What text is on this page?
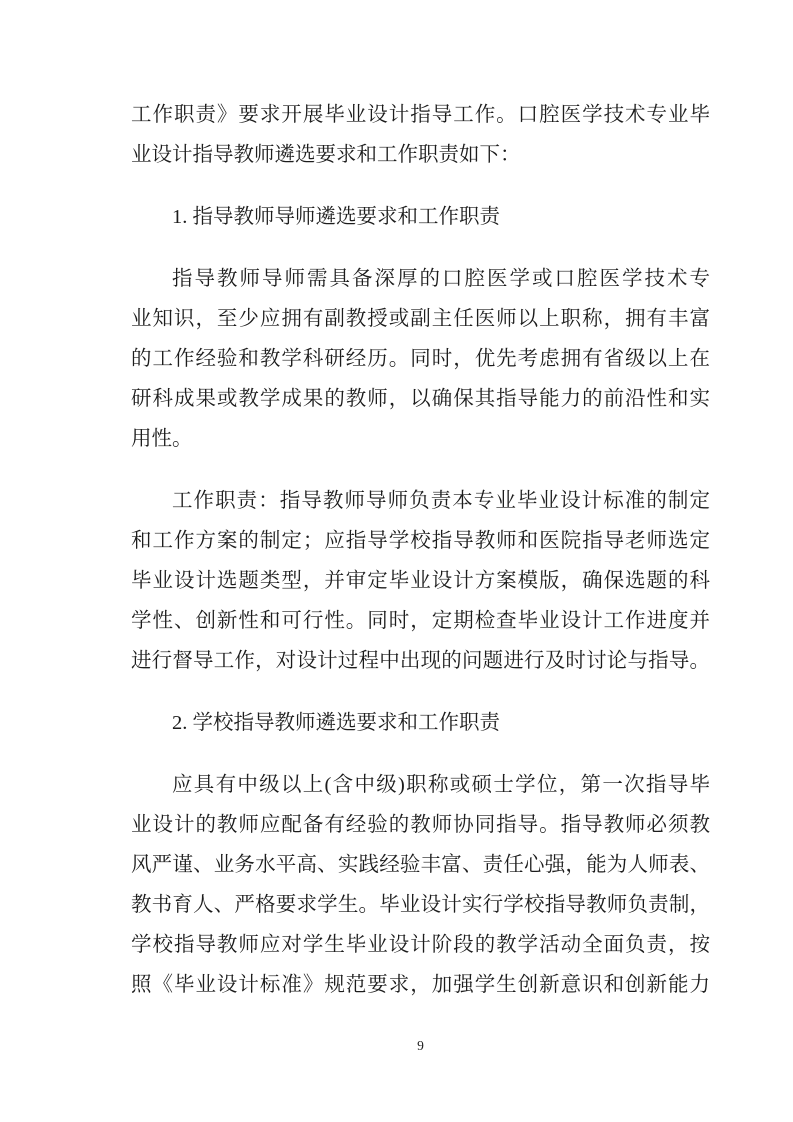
工作职责》要求开展毕业设计指导工作。口腔医学技术专业毕
业设计指导教师遴选要求和工作职责如下：
1. 指导教师导师遴选要求和工作职责
指导教师导师需具备深厚的口腔医学或口腔医学技术专
业知识，至少应拥有副教授或副主任医师以上职称，拥有丰富
的工作经验和教学科研经历。同时，优先考虑拥有省级以上在
研科成果或教学成果的教师，以确保其指导能力的前沿性和实
用性。
工作职责：指导教师导师负责本专业毕业设计标准的制定
和工作方案的制定；应指导学校指导教师和医院指导老师选定
毕业设计选题类型，并审定毕业设计方案模版，确保选题的科
学性、创新性和可行性。同时，定期检查毕业设计工作进度并
进行督导工作，对设计过程中出现的问题进行及时讨论与指导。
2. 学校指导教师遴选要求和工作职责
应具有中级以上(含中级)职称或硕士学位，第一次指导毕
业设计的教师应配备有经验的教师协同指导。指导教师必须教
风严谨、业务水平高、实践经验丰富、责任心强，能为人师表、
教书育人、严格要求学生。毕业设计实行学校指导教师负责制，
学校指导教师应对学生毕业设计阶段的教学活动全面负责，按
照《毕业设计标准》规范要求，加强学生创新意识和创新能力
9
